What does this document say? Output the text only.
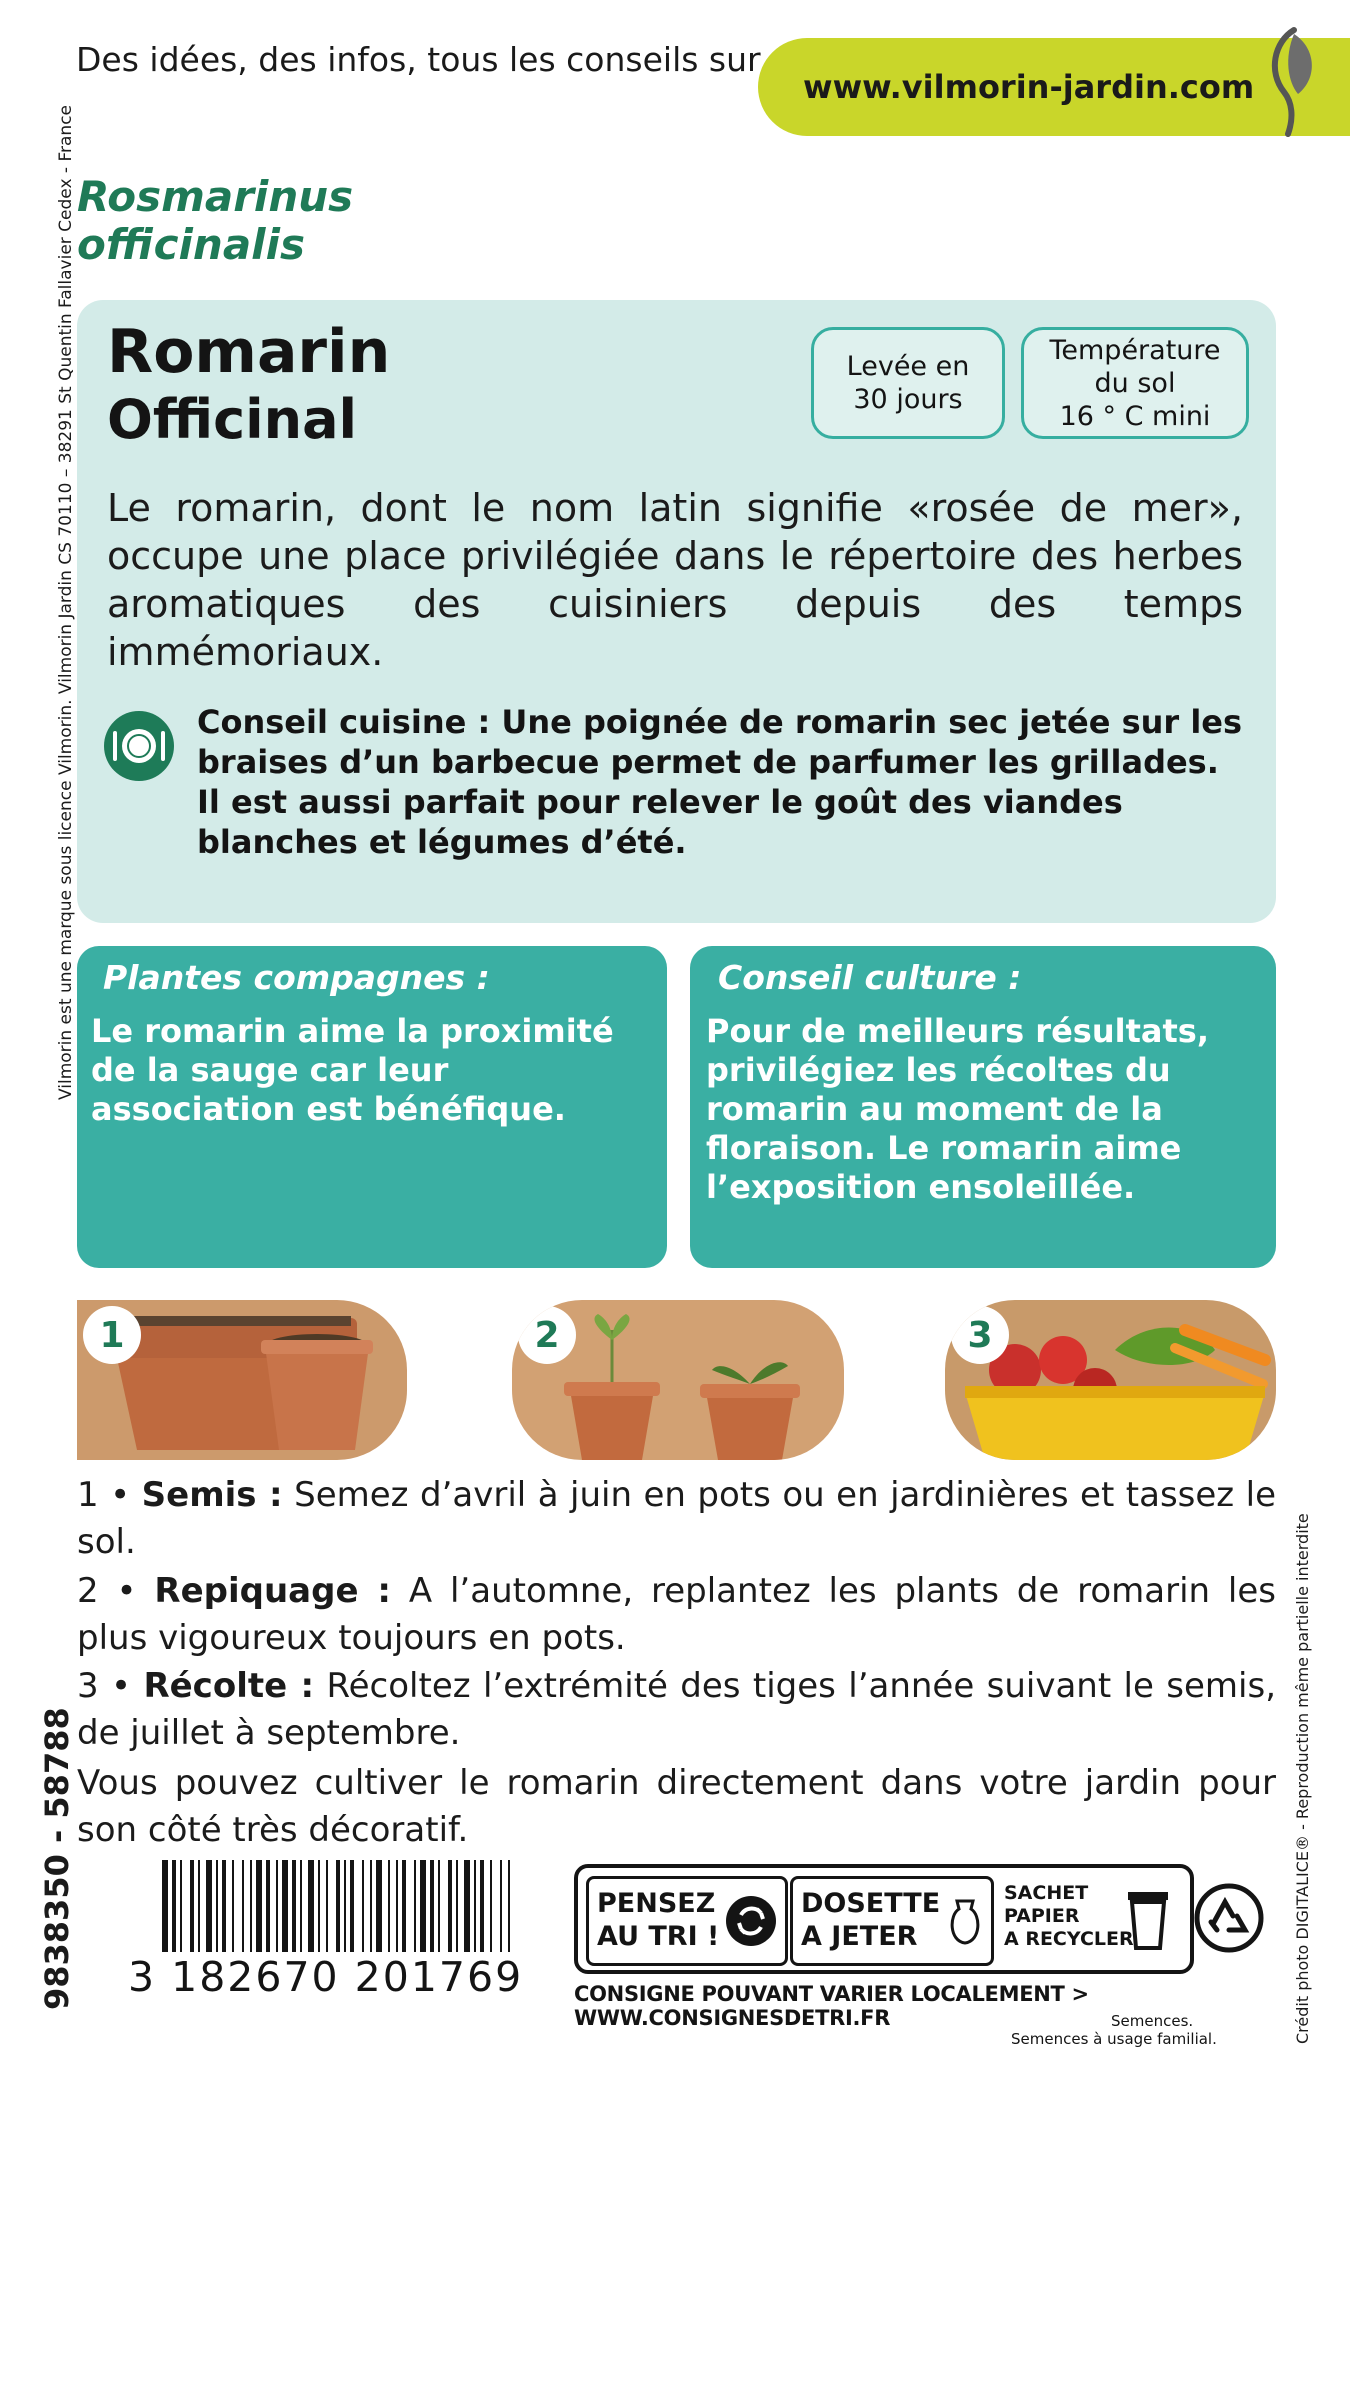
Des idées, des infos, tous les conseils sur
www.vilmorin-jardin.com
Rosmarinus
officinalis
Romarin
Officinal
Levée en
30 jours
Température
du sol
16 ° C mini
Le romarin, dont le nom latin signifie «rosée de mer», occupe une place privilégiée dans le répertoire des herbes aromatiques des cuisiniers depuis des temps immémoriaux.
Conseil cuisine : Une poignée de romarin sec jetée sur les braises d’un barbecue permet de parfumer les grillades. Il est aussi parfait pour relever le goût des viandes blanches et légumes d’été.
Plantes compagnes :
Le romarin aime la proximité de la sauge car leur association est bénéfique.
Conseil culture :
Pour de meilleurs résultats, privilégiez les récoltes du romarin au moment de la floraison. Le romarin aime l’exposition ensoleillée.
1	2	3
1 • Semis : Semez d’avril à juin en pots ou en jardinières et tassez le sol.
2 • Repiquage : A l’automne, replantez les plants de romarin les plus vigoureux toujours en pots.
3 • Récolte : Récoltez l’extrémité des tiges l’année suivant le semis, de juillet à septembre.
Vous pouvez cultiver le romarin directement dans votre jardin pour son côté très décoratif.
3 182670 201769
PENSEZ
AU TRI !
DOSETTE
A JETER
SACHET
PAPIER
A RECYCLER
CONSIGNE POUVANT VARIER LOCALEMENT > WWW.CONSIGNESDETRI.FR	Semences.
Semences à usage familial.
Vilmorin est une marque sous licence Vilmorin. Vilmorin Jardin CS 70110 – 38291 St Quentin Fallavier Cedex - France
9838350 - 58788	Crédit photo DIGITALICE® - Reproduction même partielle interdite
